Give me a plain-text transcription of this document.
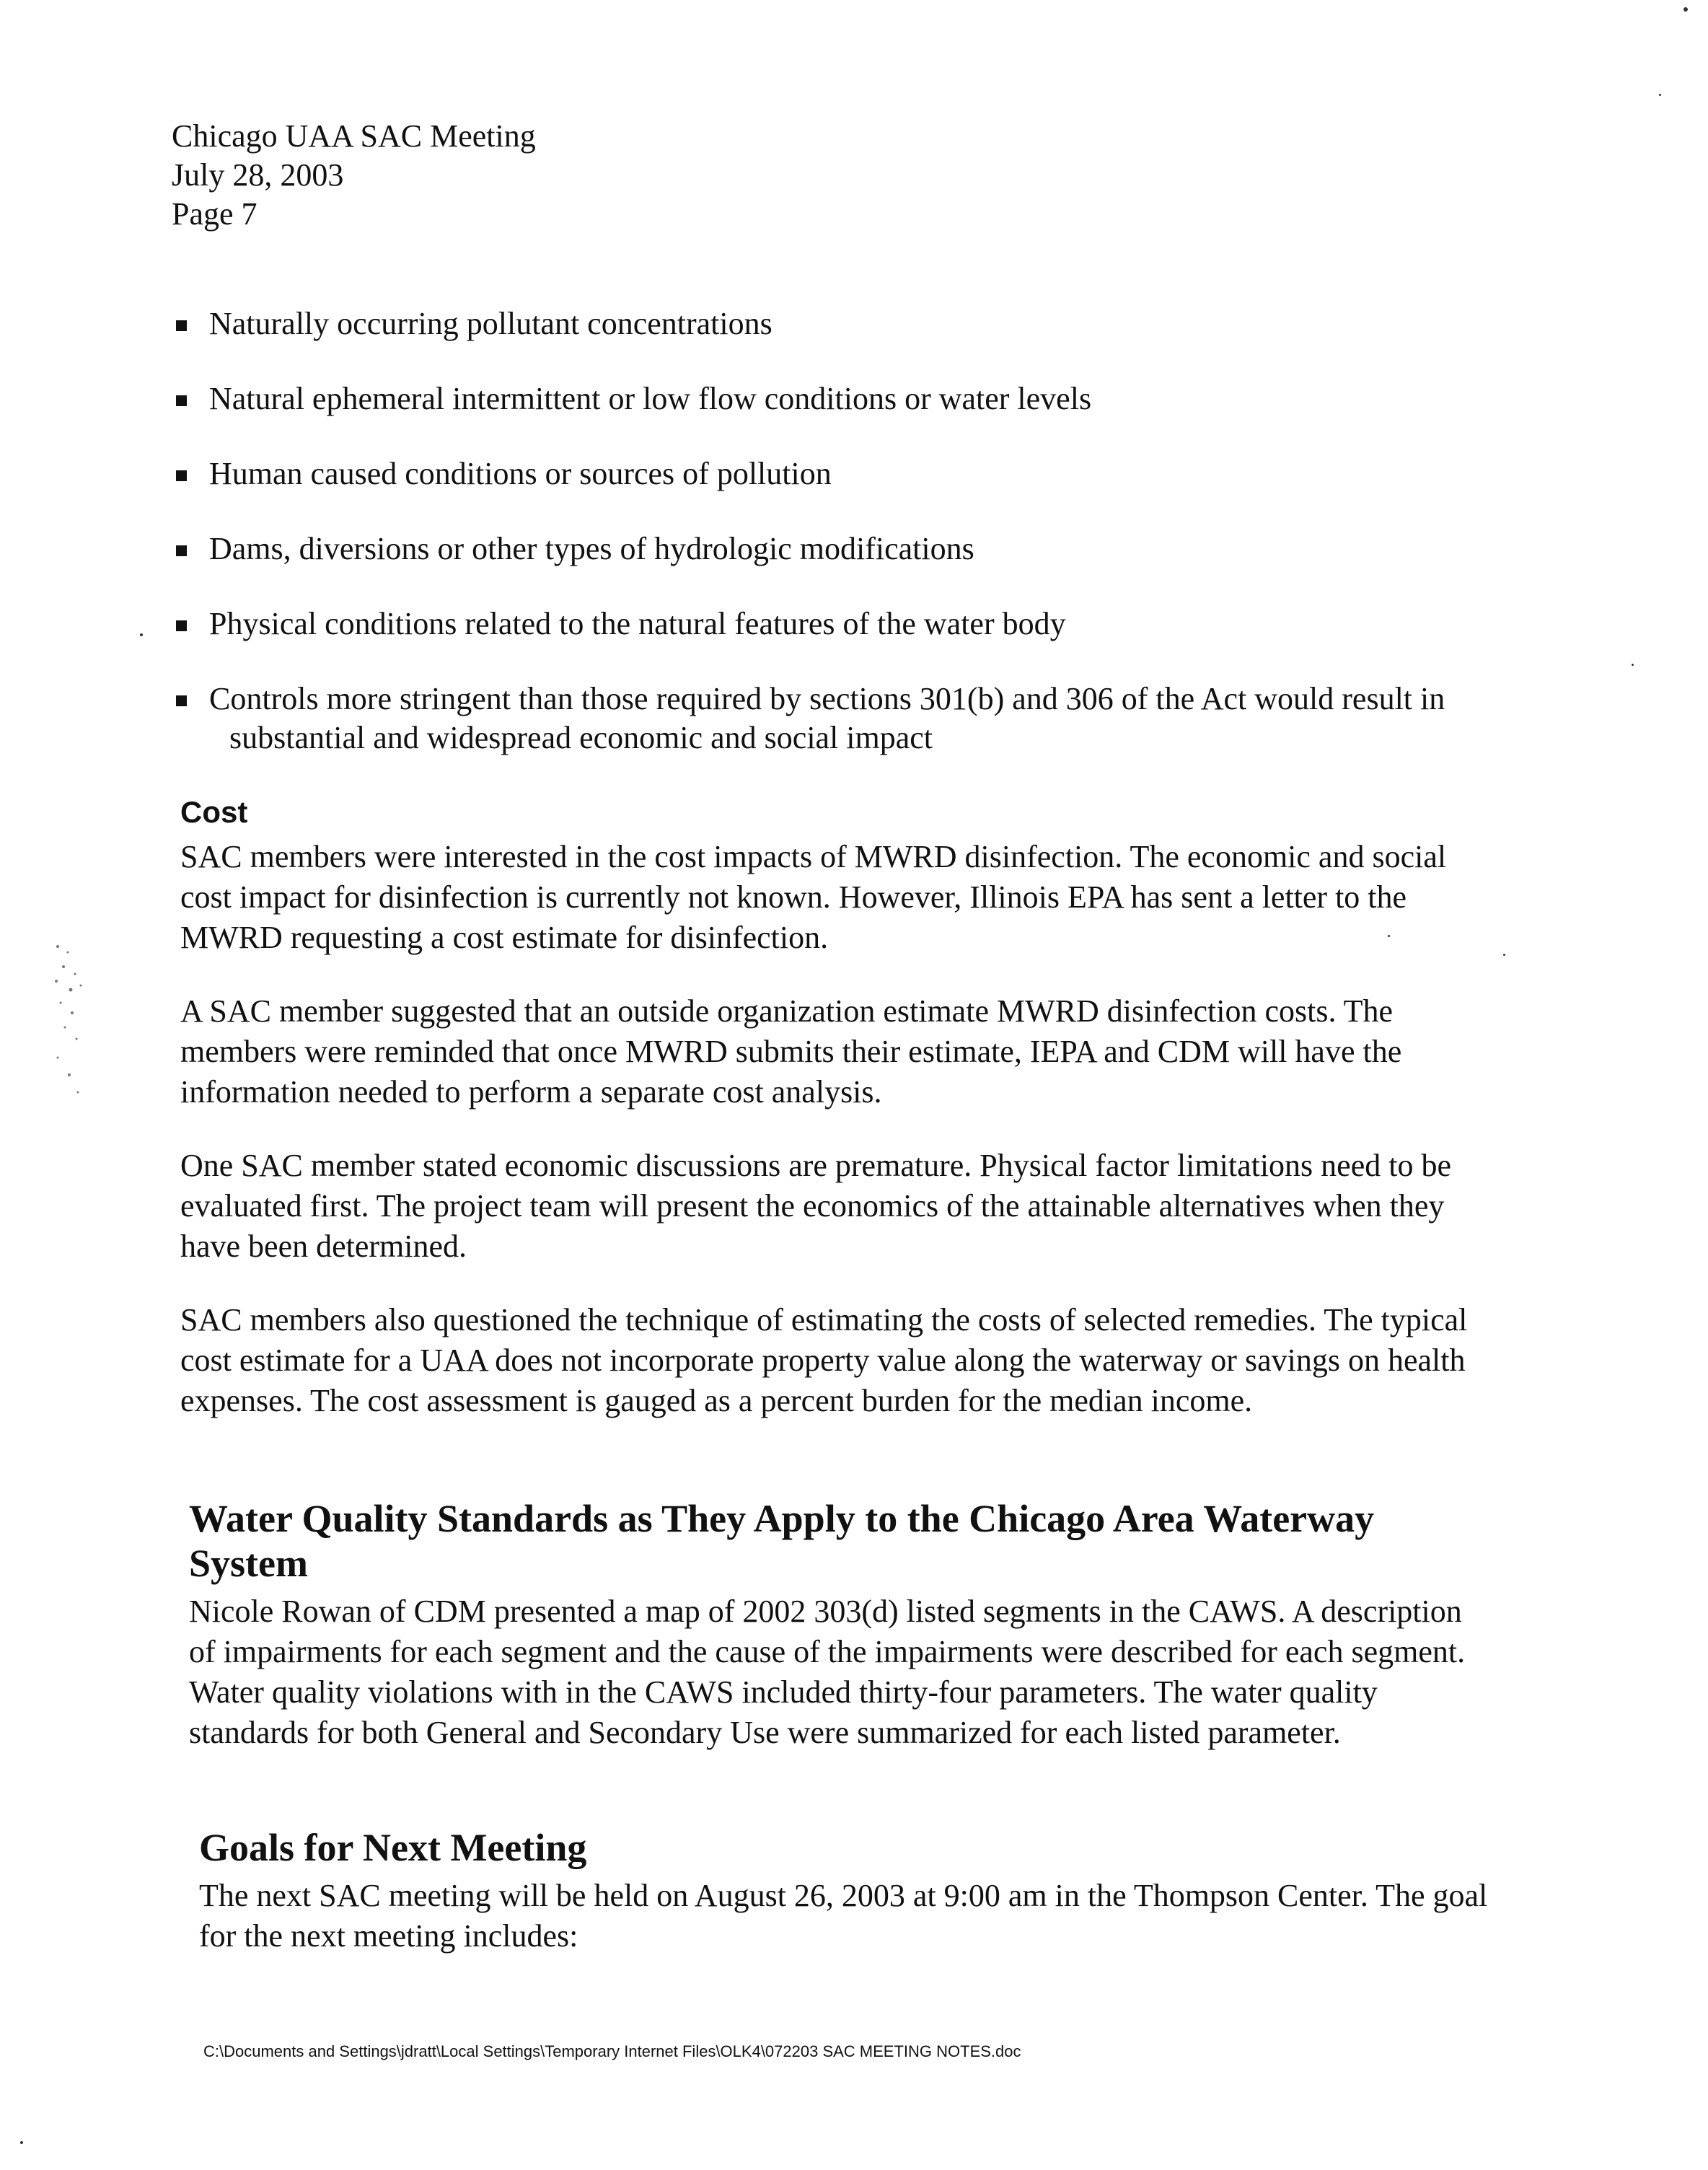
Chicago UAA SAC Meeting
July 28, 2003
Page 7
Naturally occurring pollutant concentrations
Natural ephemeral intermittent or low flow conditions or water levels
Human caused conditions or sources of pollution
Dams, diversions or other types of hydrologic modifications
Physical conditions related to the natural features of the water body
Controls more stringent than those required by sections 301(b) and 306 of the Act would result in substantial and widespread economic and social impact
Cost

SAC members were interested in the cost impacts of MWRD disinfection. The economic and social cost impact for disinfection is currently not known. However, Illinois EPA has sent a letter to the MWRD requesting a cost estimate for disinfection.

A SAC member suggested that an outside organization estimate MWRD disinfection costs. The members were reminded that once MWRD submits their estimate, IEPA and CDM will have the information needed to perform a separate cost analysis.

One SAC member stated economic discussions are premature. Physical factor limitations need to be evaluated first. The project team will present the economics of the attainable alternatives when they have been determined.

SAC members also questioned the technique of estimating the costs of selected remedies. The typical cost estimate for a UAA does not incorporate property value along the waterway or savings on health expenses. The cost assessment is gauged as a percent burden for the median income.

Water Quality Standards as They Apply to the Chicago Area Waterway System

Nicole Rowan of CDM presented a map of 2002 303(d) listed segments in the CAWS. A description of impairments for each segment and the cause of the impairments were described for each segment. Water quality violations with in the CAWS included thirty-four parameters. The water quality standards for both General and Secondary Use were summarized for each listed parameter.

Goals for Next Meeting

The next SAC meeting will be held on August 26, 2003 at 9:00 am in the Thompson Center. The goal for the next meeting includes:

C:\Documents and Settings\jdratt\Local Settings\Temporary Internet Files\OLK4\072203 SAC MEETING NOTES.doc
